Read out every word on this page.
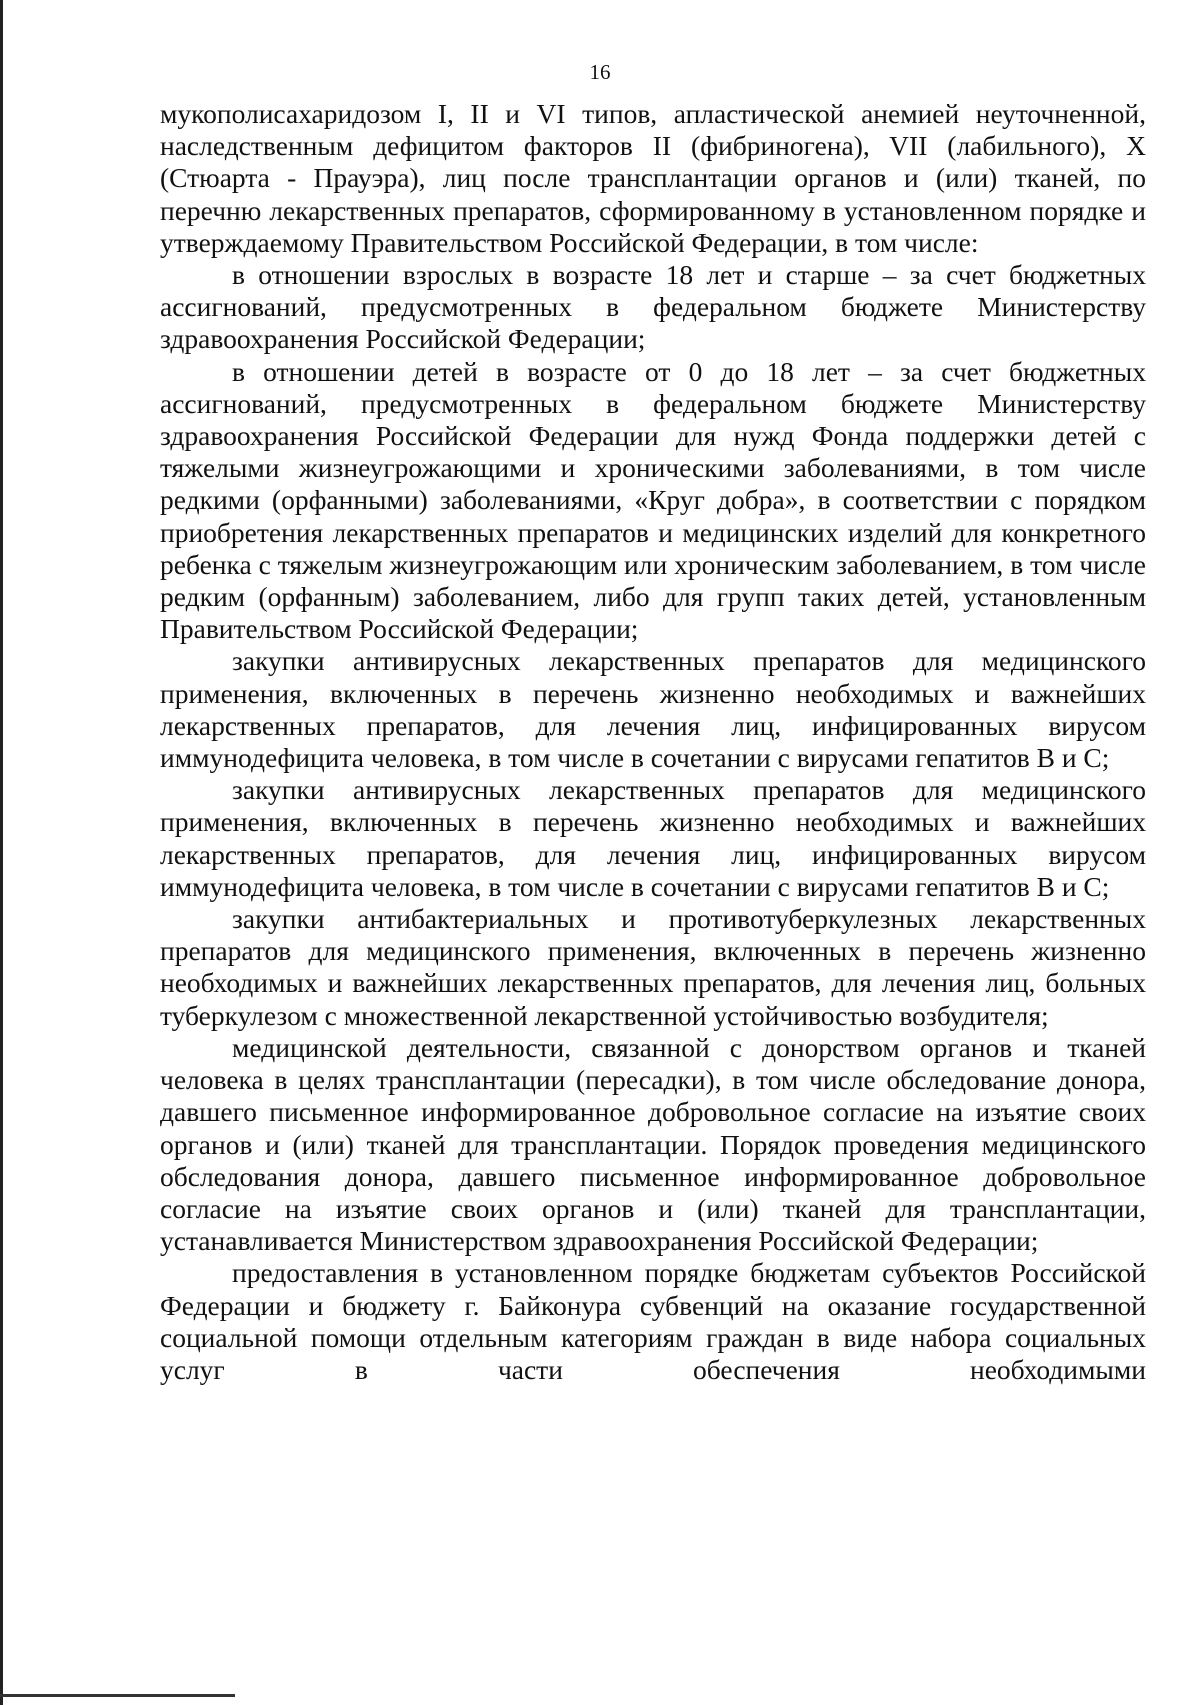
16

мукополисахаридозом I, II и VI типов, апластической анемией неуточненной, наследственным дефицитом факторов II (фибриногена), VII (лабильного), X (Стюарта - Прауэра), лиц после трансплантации органов и (или) тканей, по перечню лекарственных препаратов, сформированному в установленном порядке и утверждаемому Правительством Российской Федерации, в том числе:

в отношении взрослых в возрасте 18 лет и старше – за счет бюджетных ассигнований, предусмотренных в федеральном бюджете Министерству здравоохранения Российской Федерации;

в отношении детей в возрасте от 0 до 18 лет – за счет бюджетных ассигнований, предусмотренных в федеральном бюджете Министерству здравоохранения Российской Федерации для нужд Фонда поддержки детей с тяжелыми жизнеугрожающими и хроническими заболеваниями, в том числе редкими (орфанными) заболеваниями, «Круг добра», в соответствии с порядком приобретения лекарственных препаратов и медицинских изделий для конкретного ребенка с тяжелым жизнеугрожающим или хроническим заболеванием, в том числе редким (орфанным) заболеванием, либо для групп таких детей, установленным Правительством Российской Федерации;

закупки антивирусных лекарственных препаратов для медицинского применения, включенных в перечень жизненно необходимых и важнейших лекарственных препаратов, для лечения лиц, инфицированных вирусом иммунодефицита человека, в том числе в сочетании с вирусами гепатитов B и C;

закупки антивирусных лекарственных препаратов для медицинского применения, включенных в перечень жизненно необходимых и важнейших лекарственных препаратов, для лечения лиц, инфицированных вирусом иммунодефицита человека, в том числе в сочетании с вирусами гепатитов B и C;

закупки антибактериальных и противотуберкулезных лекарственных препаратов для медицинского применения, включенных в перечень жизненно необходимых и важнейших лекарственных препаратов, для лечения лиц, больных туберкулезом с множественной лекарственной устойчивостью возбудителя;

медицинской деятельности, связанной с донорством органов и тканей человека в целях трансплантации (пересадки), в том числе обследование донора, давшего письменное информированное добровольное согласие на изъятие своих органов и (или) тканей для трансплантации. Порядок проведения медицинского обследования донора, давшего письменное информированное добровольное согласие на изъятие своих органов и (или) тканей для трансплантации, устанавливается Министерством здравоохранения Российской Федерации;

предоставления в установленном порядке бюджетам субъектов Российской Федерации и бюджету г. Байконура субвенций на оказание государственной социальной помощи отдельным категориям граждан в виде набора социальных услуг в части обеспечения необходимыми
